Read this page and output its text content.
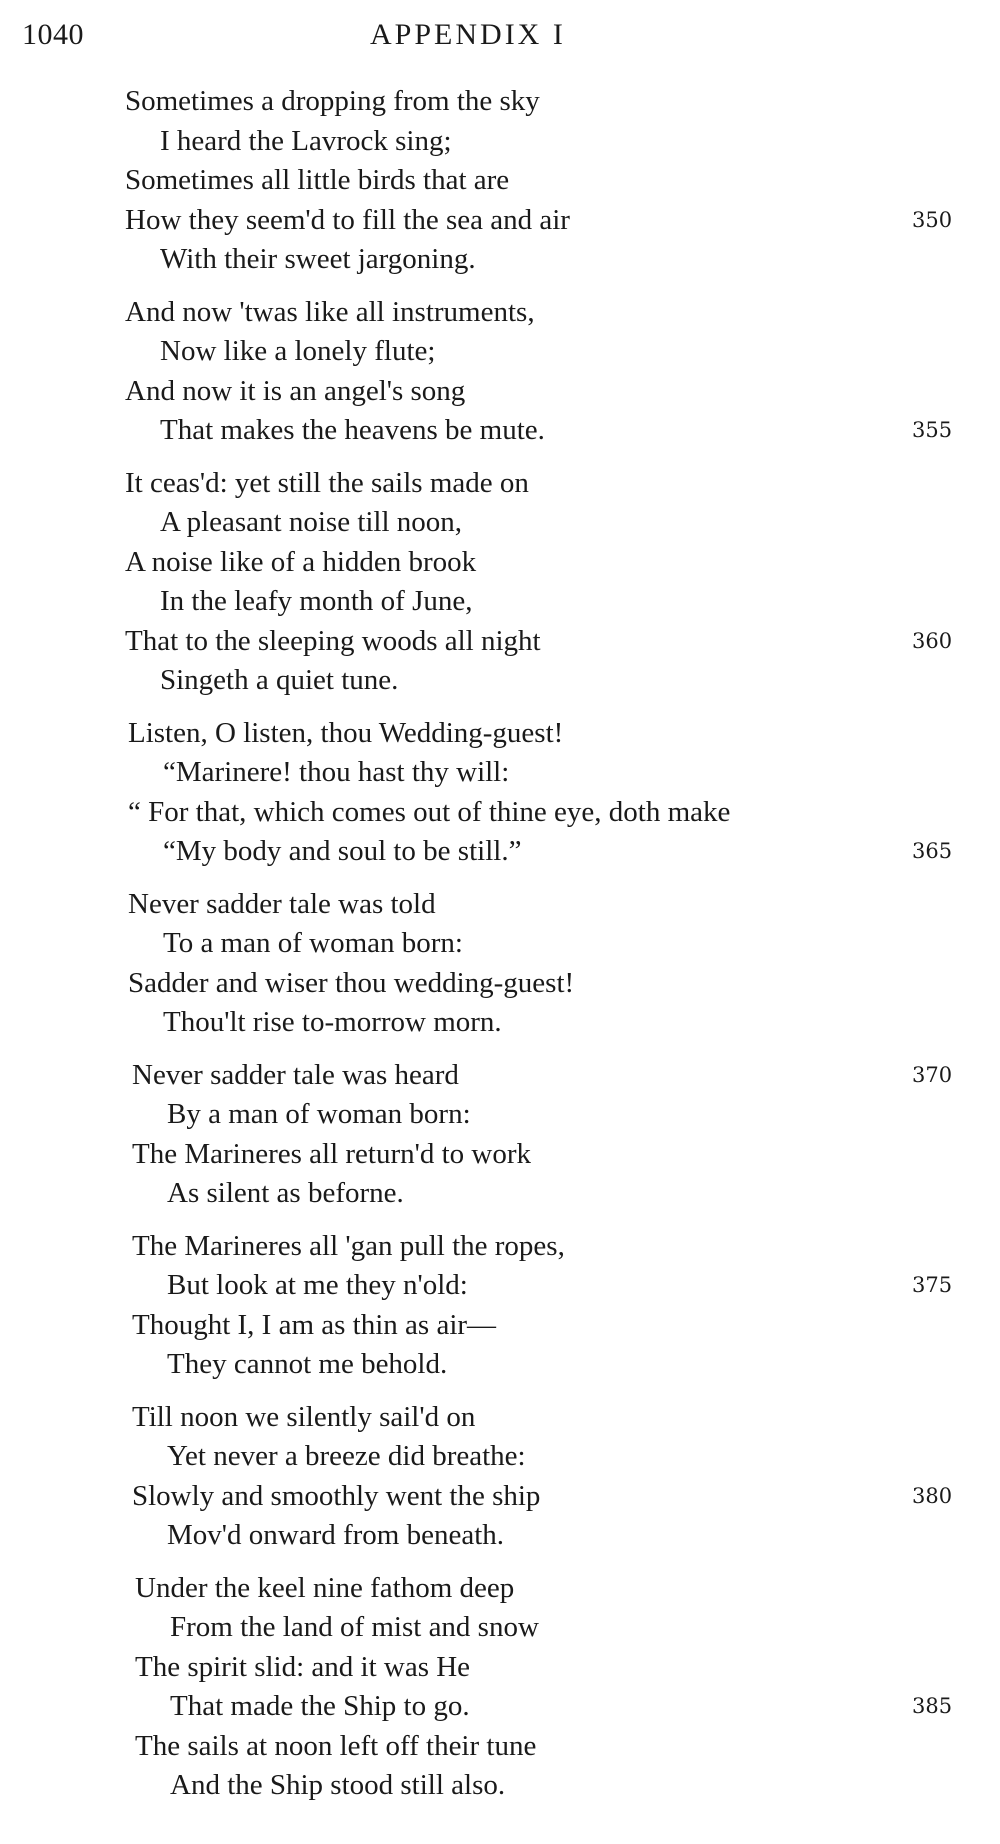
1040	APPENDIX I
Sometimes a dropping from the sky
I heard the Lavrock sing;
Sometimes all little birds that are
How they seem'd to fill the sea and air	350
With their sweet jargoning.
And now 'twas like all instruments,
Now like a lonely flute;
And now it is an angel's song
That makes the heavens be mute.	355
It ceas'd: yet still the sails made on
A pleasant noise till noon,
A noise like of a hidden brook
In the leafy month of June,
That to the sleeping woods all night	360
Singeth a quiet tune.
Listen, O listen, thou Wedding-guest!
“Marinere! thou hast thy will:
“ For that, which comes out of thine eye, doth make
“My body and soul to be still.”	365
Never sadder tale was told
To a man of woman born:
Sadder and wiser thou wedding-guest!
Thou'lt rise to-morrow morn.
Never sadder tale was heard	370
By a man of woman born:
The Marineres all return'd to work
As silent as beforne.
The Marineres all 'gan pull the ropes,
But look at me they n'old:	375
Thought I, I am as thin as air—
They cannot me behold.
Till noon we silently sail'd on
Yet never a breeze did breathe:
Slowly and smoothly went the ship	380
Mov'd onward from beneath.
Under the keel nine fathom deep
From the land of mist and snow
The spirit slid: and it was He
That made the Ship to go.	385
The sails at noon left off their tune
And the Ship stood still also.
